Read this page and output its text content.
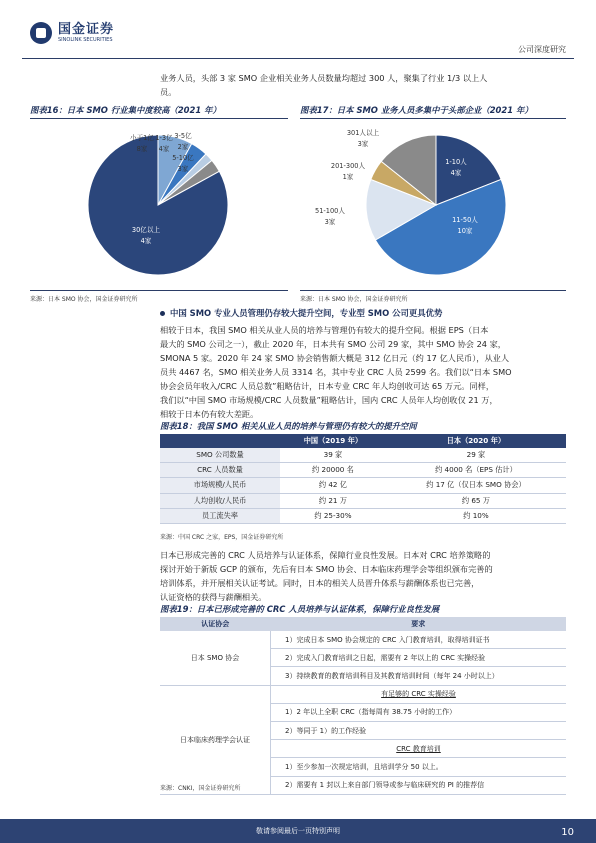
国金证券
SINOLINK SECURITIES
公司深度研究
业务人员，头部 3 家 SMO 企业相关业务人员数量均超过 300 人，聚集了行业 1/3 以上人
员。
图表16：日本 SMO 行业集中度较高（2021 年）
小于1亿
8家
1-3亿
4家
3-5亿
2家
5-10亿
3家
30亿以上
4家
来源：日本 SMO 协会，国金证券研究所
图表17：日本 SMO 业务人员多集中于头部企业（2021 年）
1-10人
4家
11-50人
10家
51-100人
3家
201-300人
1家
301人以上
3家
来源：日本 SMO 协会，国金证券研究所
中国 SMO 专业人员管理仍存较大提升空间，专业型 SMO 公司更具优势
相较于日本，我国 SMO 相关从业人员的培养与管理仍有较大的提升空间。根据 EPS（日本
最大的 SMO 公司之一），截止 2020 年，日本共有 SMO 公司 29 家，其中 SMO 协会 24 家，
SMONA 5 家。2020 年 24 家 SMO 协会销售额大概是 312 亿日元（约 17 亿人民币），从业人
员共 4467 名，SMO 相关业务人员 3314 名，其中专业 CRC 人员 2599 名。我们以“日本 SMO
协会会员年收入/CRC 人员总数”粗略估计，日本专业 CRC 年人均创收可达 65 万元。同样，
我们以“中国 SMO 市场规模/CRC 人员数量”粗略估计，国内 CRC 人员年人均创收仅 21 万，
相较于日本仍有较大差距。
图表18：我国 SMO 相关从业人员的培养与管理仍有较大的提升空间
	中国（2019 年）	日本（2020 年）
SMO 公司数量	39 家	29 家
CRC 人员数量	约 20000 名	约 4000 名（EPS 估计）
市场规模/人民币	约 42 亿	约 17 亿（仅日本 SMO 协会）
人均创收/人民币	约 21 万	约 65 万
员工流失率	约 25-30%	约 10%
来源：中国 CRC 之家，EPS，国金证券研究所
日本已形成完善的 CRC 人员培养与认证体系，保障行业良性发展。日本对 CRC 培养策略的
探讨开始于新版 GCP 的颁布，先后有日本 SMO 协会、日本临床药理学会等组织颁布完善的
培训体系，并开展相关认证考试。同时，日本的相关人员晋升体系与薪酬体系也已完善，
认证资格的获得与薪酬相关。
图表19：日本已形成完善的 CRC 人员培养与认证体系，保障行业良性发展
认证协会	要求
日本 SMO 协会	1）完成日本 SMO 协会规定的 CRC 入门教育培训，取得培训证书
	2）完成入门教育培训之日起，需要有 2 年以上的 CRC 实操经验
	3）持续教育的教育培训科目及其教育培训时间（每年 24 小时以上）
日本临床药理学会认证	有足够的 CRC 实操经验
	1）2 年以上全职 CRC（指每周有 38.75 小时的工作）
	2）等同于 1）的工作经验
	CRC 教育培训
	1）至少参加一次规定培训，且培训学分 50 以上。
	2）需要有 1 封以上来自部门领导或参与临床研究的 PI 的推荐信
来源：CNKI，国金证券研究所
敬请参阅最后一页特别声明	10
